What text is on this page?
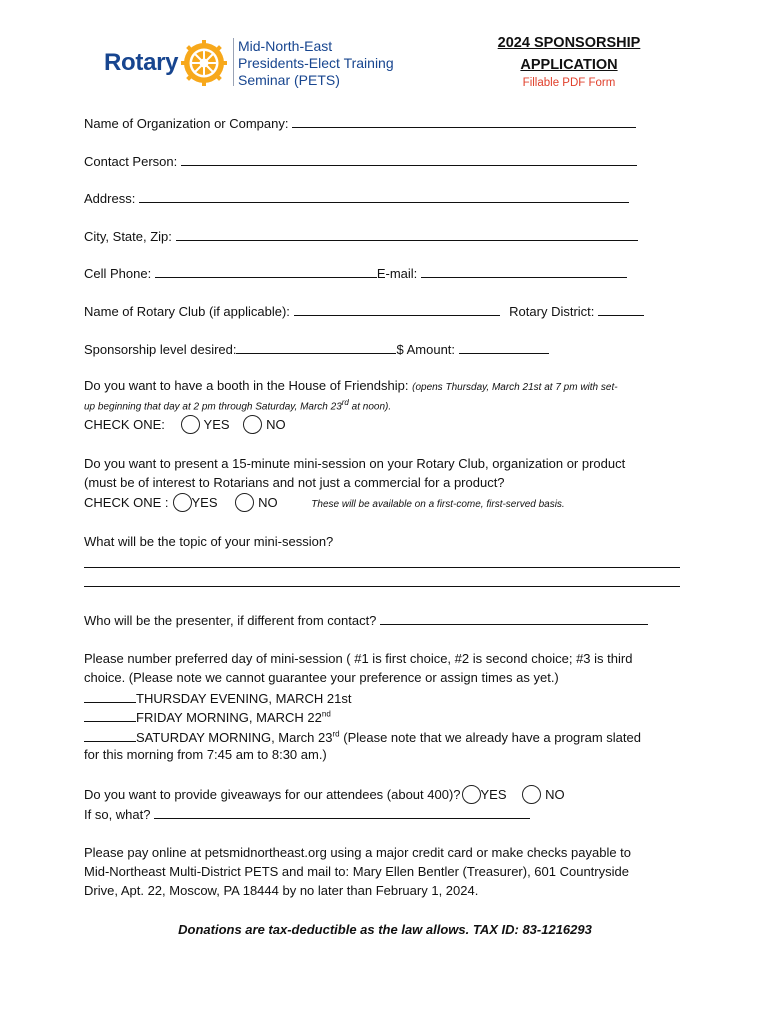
Rotary
Mid-North-East
Presidents-Elect Training
Seminar (PETS)
2024 SPONSORSHIP
APPLICATION
Fillable PDF Form
Name of Organization or Company:
Contact Person:
Address:
City, State, Zip:
Cell Phone:	E-mail:
Name of Rotary Club (if applicable):	Rotary District:
Sponsorship level desired:	$ Amount:
Do you want to have a booth in the House of Friendship: (opens Thursday, March 21st at 7 pm with set-
up beginning that day at 2 pm through Saturday, March 23rd at noon).
CHECK ONE:	YES	NO
Do you want to present a 15-minute mini-session on your Rotary Club, organization or product
(must be of interest to Rotarians and not just a commercial for a product?
CHECK ONE : YES	NO	These will be available on a first-come, first-served basis.
What will be the topic of your mini-session?
Who will be the presenter, if different from contact?
Please number preferred day of mini-session ( #1 is first choice, #2 is second choice; #3 is third
choice. (Please note we cannot guarantee your preference or assign times as yet.)
THURSDAY EVENING, MARCH 21st
FRIDAY MORNING, MARCH 22nd
SATURDAY MORNING, March 23rd (Please note that we already have a program slated
for this morning from 7:45 am to 8:30 am.)
Do you want to provide giveaways for our attendees (about 400)? YES	NO
If so, what?
Please pay online at petsmidnortheast.org using a major credit card or make checks payable to
Mid-Northeast Multi-District PETS and mail to: Mary Ellen Bentler (Treasurer), 601 Countryside
Drive, Apt. 22, Moscow, PA 18444 by no later than February 1, 2024.
Donations are tax-deductible as the law allows. TAX ID: 83-1216293
